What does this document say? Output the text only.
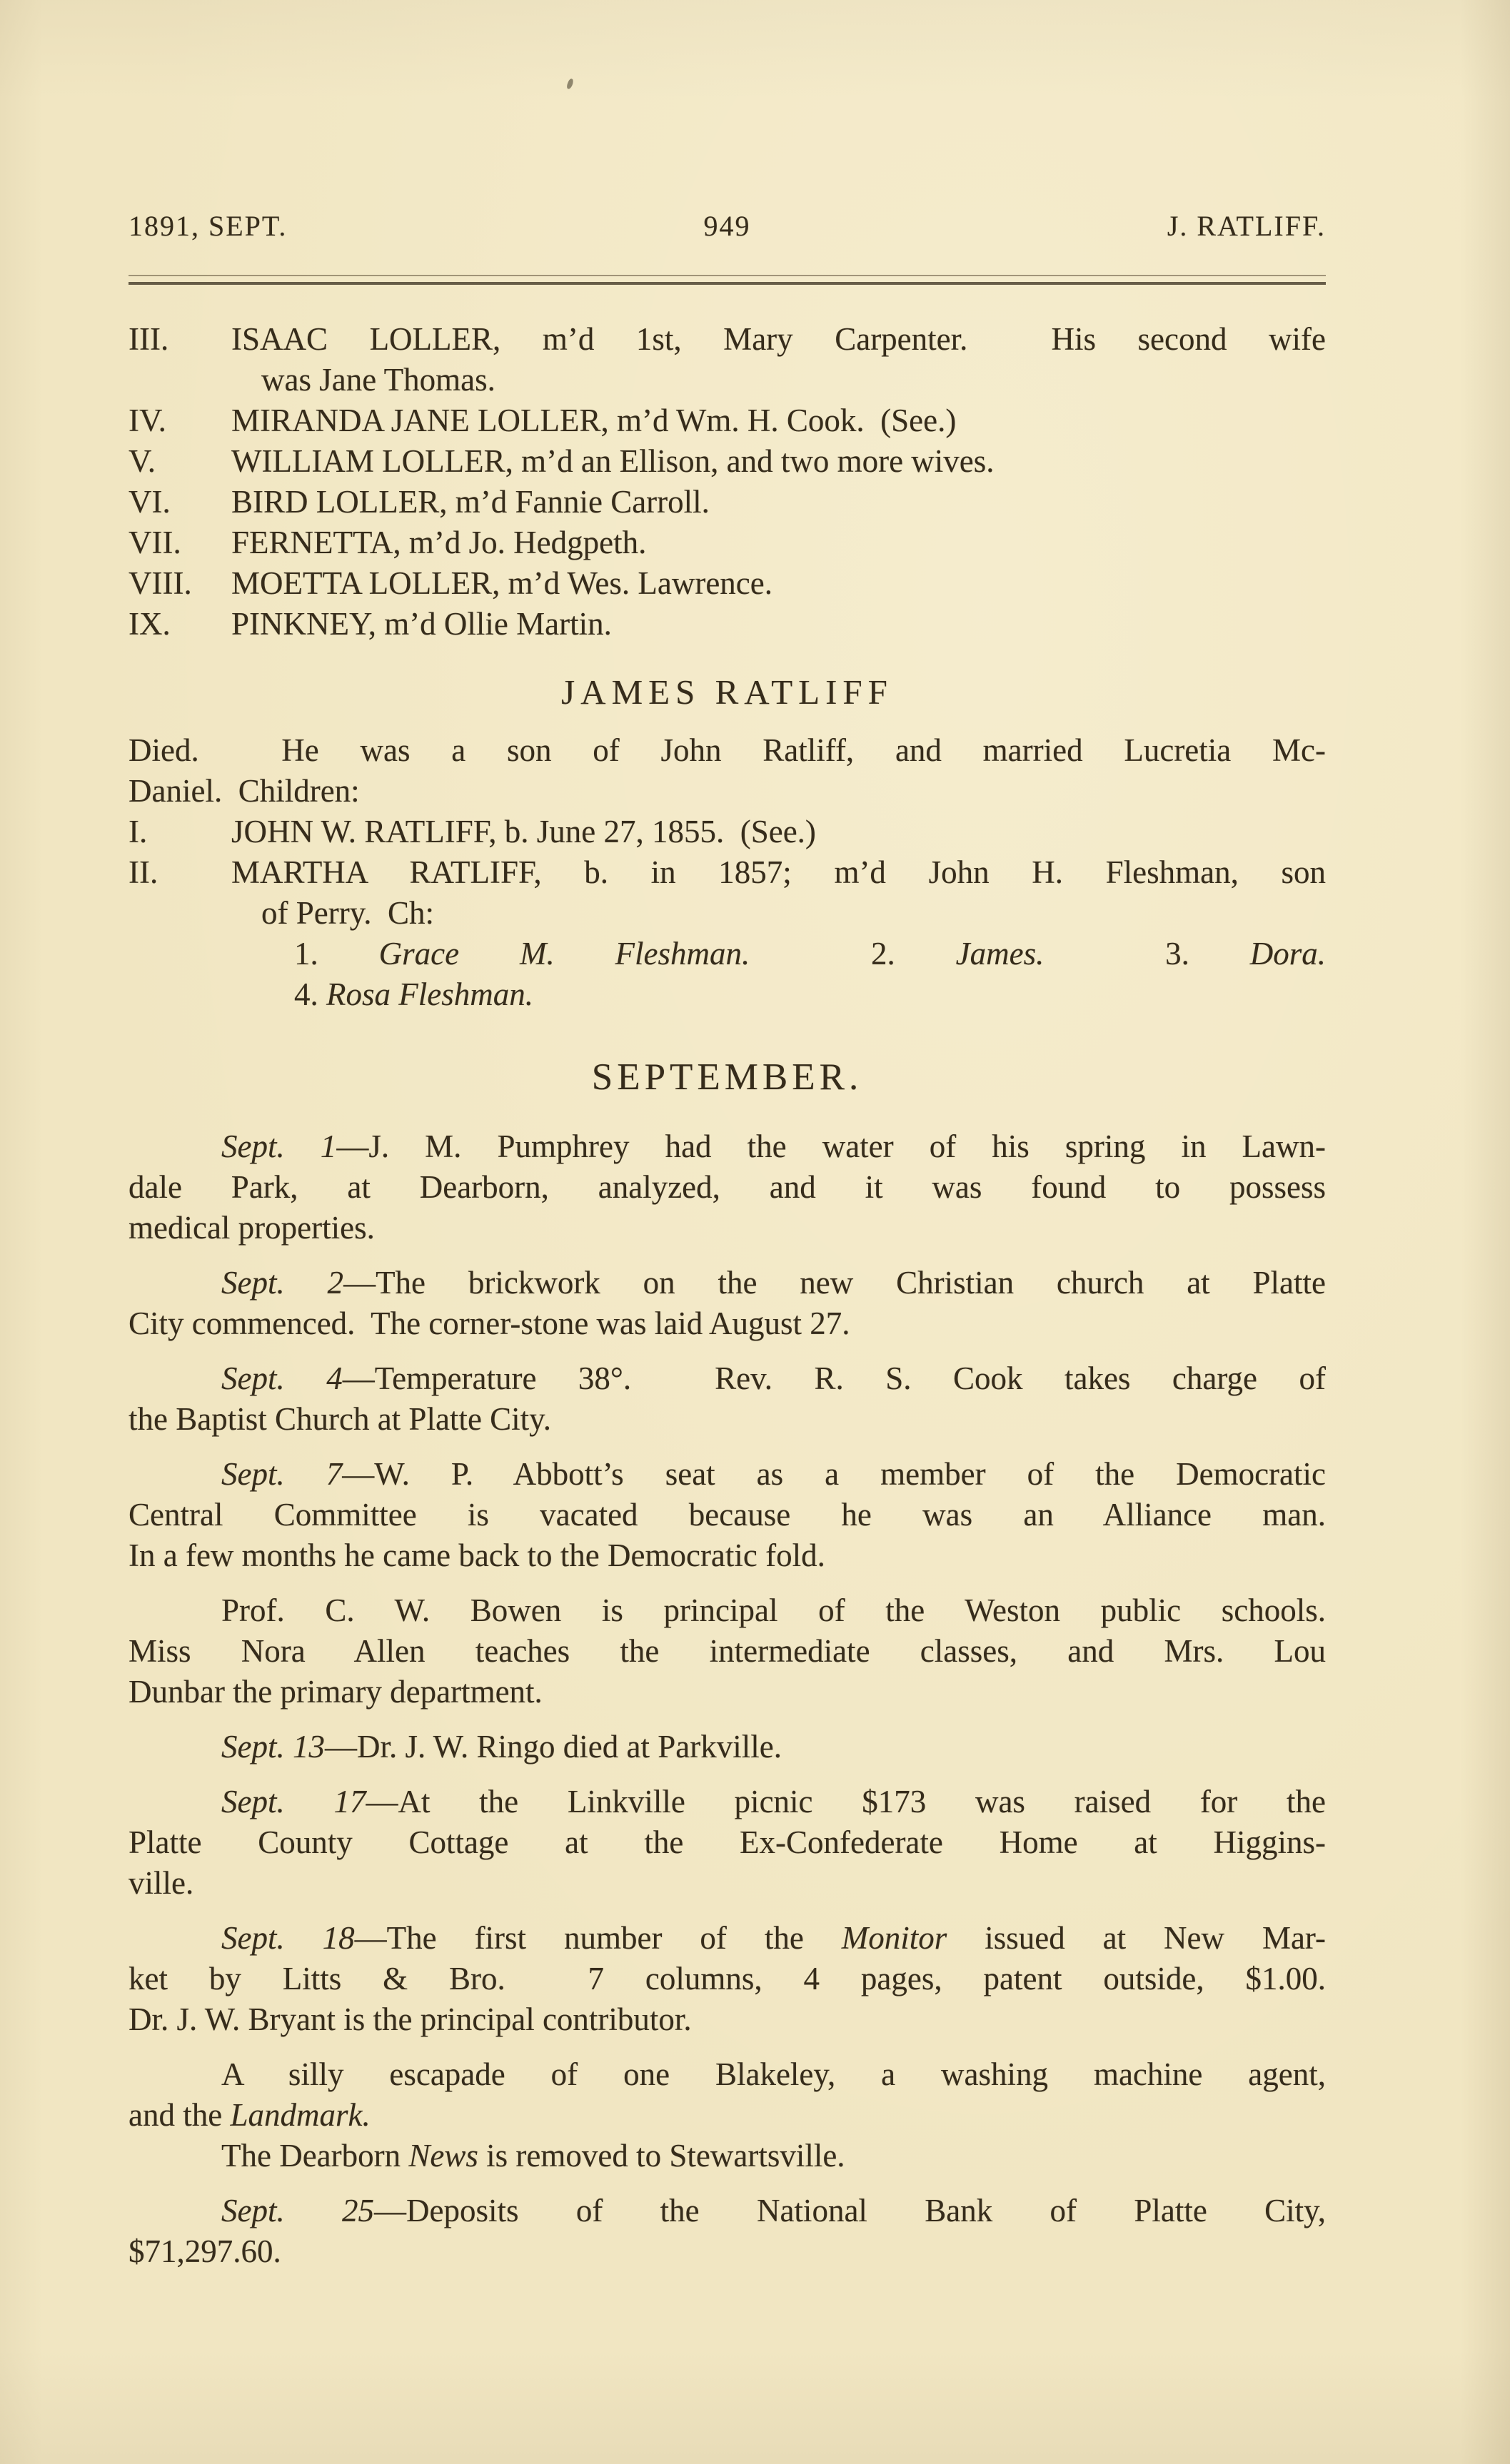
1891, SEPT.	949	J. RATLIFF.
III. ISAAC LOLLER, m’d 1st, Mary Carpenter.  His second wife
was Jane Thomas.
IV. MIRANDA JANE LOLLER, m’d Wm. H. Cook.  (See.)
V. WILLIAM LOLLER, m’d an Ellison, and two more wives.
VI. BIRD LOLLER, m’d Fannie Carroll.
VII. FERNETTA, m’d Jo. Hedgpeth.
VIII. MOETTA LOLLER, m’d Wes. Lawrence.
IX. PINKNEY, m’d Ollie Martin.
JAMES RATLIFF
Died.  He was a son of John Ratliff, and married Lucretia Mc-
Daniel.  Children:
I.	JOHN W. RATLIFF, b. June 27, 1855.  (See.)
II. MARTHA RATLIFF, b. in 1857; m’d John H. Fleshman, son
of Perry.  Ch:
1. Grace M. Fleshman.  2. James.  3. Dora.
4. Rosa Fleshman.
SEPTEMBER.
Sept. 1—J. M. Pumphrey had the water of his spring in Lawn-
dale Park, at Dearborn, analyzed, and it was found to possess
medical properties.
Sept. 2—The brickwork on the new Christian church at Platte
City commenced.  The corner-stone was laid August 27.
Sept. 4—Temperature 38°.  Rev. R. S. Cook takes charge of
the Baptist Church at Platte City.
Sept. 7—W. P. Abbott’s seat as a member of the Democratic
Central Committee is vacated because he was an Alliance man.
In a few months he came back to the Democratic fold.
Prof. C. W. Bowen is principal of the Weston public schools.
Miss Nora Allen teaches the intermediate classes, and Mrs. Lou
Dunbar the primary department.
Sept. 13—Dr. J. W. Ringo died at Parkville.
Sept. 17—At the Linkville picnic $173 was raised for the
Platte County Cottage at the Ex-Confederate Home at Higgins-
ville.
Sept. 18—The first number of the Monitor issued at New Mar-
ket by Litts & Bro.  7 columns, 4 pages, patent outside, $1.00.
Dr. J. W. Bryant is the principal contributor.
A silly escapade of one Blakeley, a washing machine agent,
and the Landmark.
The Dearborn News is removed to Stewartsville.
Sept. 25—Deposits of the National Bank of Platte City,
$71,297.60.
